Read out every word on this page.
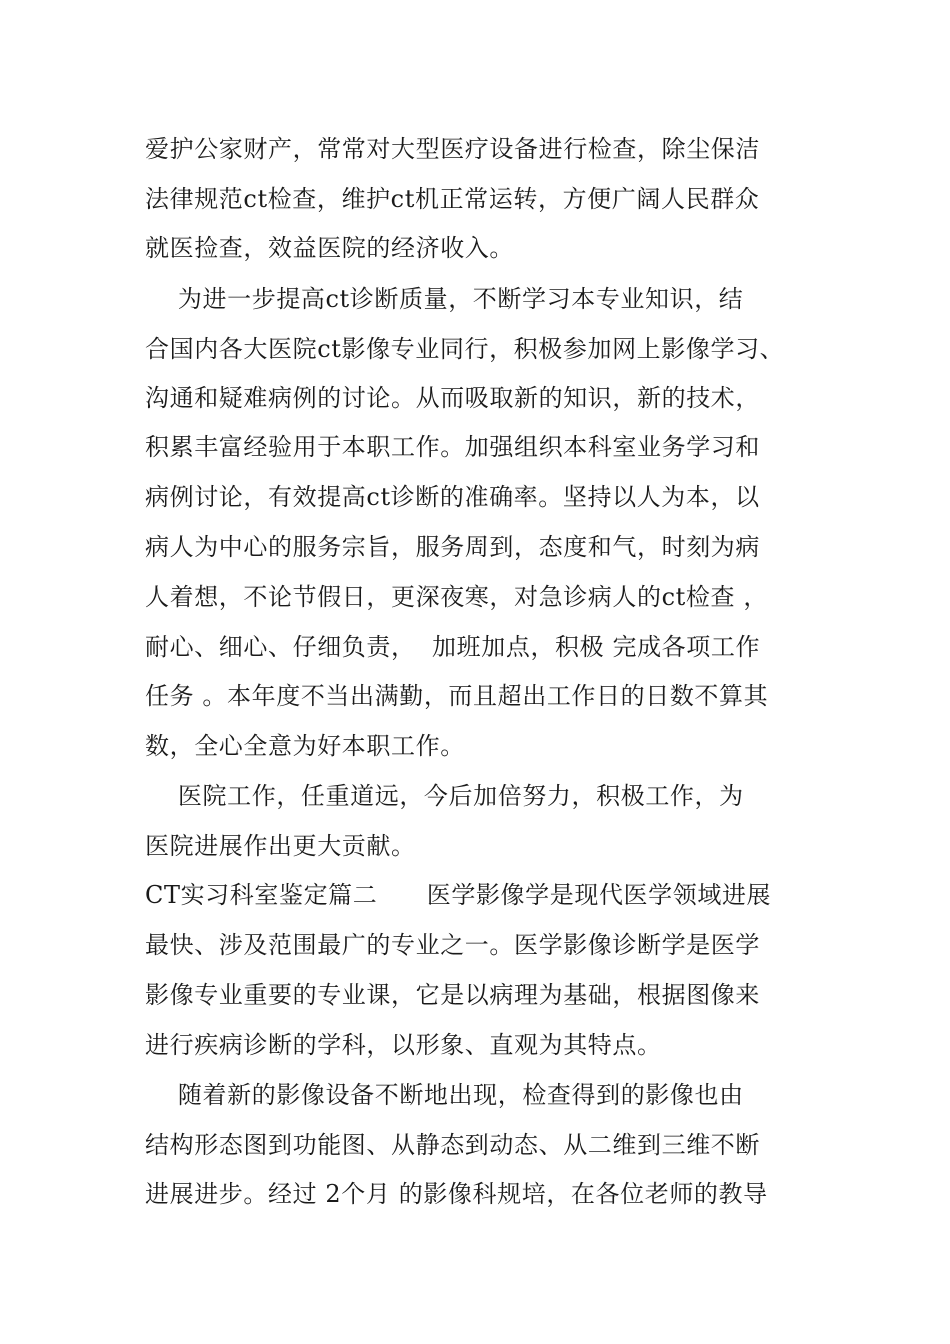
爱护公家财产，常常对大型医疗设备进行检查，除尘保洁
法律规范ct检查，维护ct机正常运转，方便广阔人民群众
就医捡查，效益医院的经济收入。
为进一步提高ct诊断质量，不断学习本专业知识，结
合国内各大医院ct影像专业同行，积极参加网上影像学习、
沟通和疑难病例的讨论。从而吸取新的知识，新的技术，
积累丰富经验用于本职工作。加强组织本科室业务学习和
病例讨论，有效提高ct诊断的准确率。坚持以人为本，以
病人为中心的服务宗旨，服务周到，态度和气，时刻为病
人着想，不论节假日，更深夜寒，对急诊病人的ct检查 ，
耐心、细心、仔细负责，  加班加点，积极 完成各项工作
任务 。本年度不当出满勤，而且超出工作日的日数不算其
数，全心全意为好本职工作。
医院工作，任重道远，今后加倍努力，积极工作，为
医院进展作出更大贡献。
CT实习科室鉴定篇二      医学影像学是现代医学领域进展
最快、涉及范围最广的专业之一。医学影像诊断学是医学
影像专业重要的专业课，它是以病理为基础，根据图像来
进行疾病诊断的学科，以形象、直观为其特点。
随着新的影像设备不断地出现，检查得到的影像也由
结构形态图到功能图、从静态到动态、从二维到三维不断
进展进步。经过 2个月 的影像科规培，在各位老师的教导
